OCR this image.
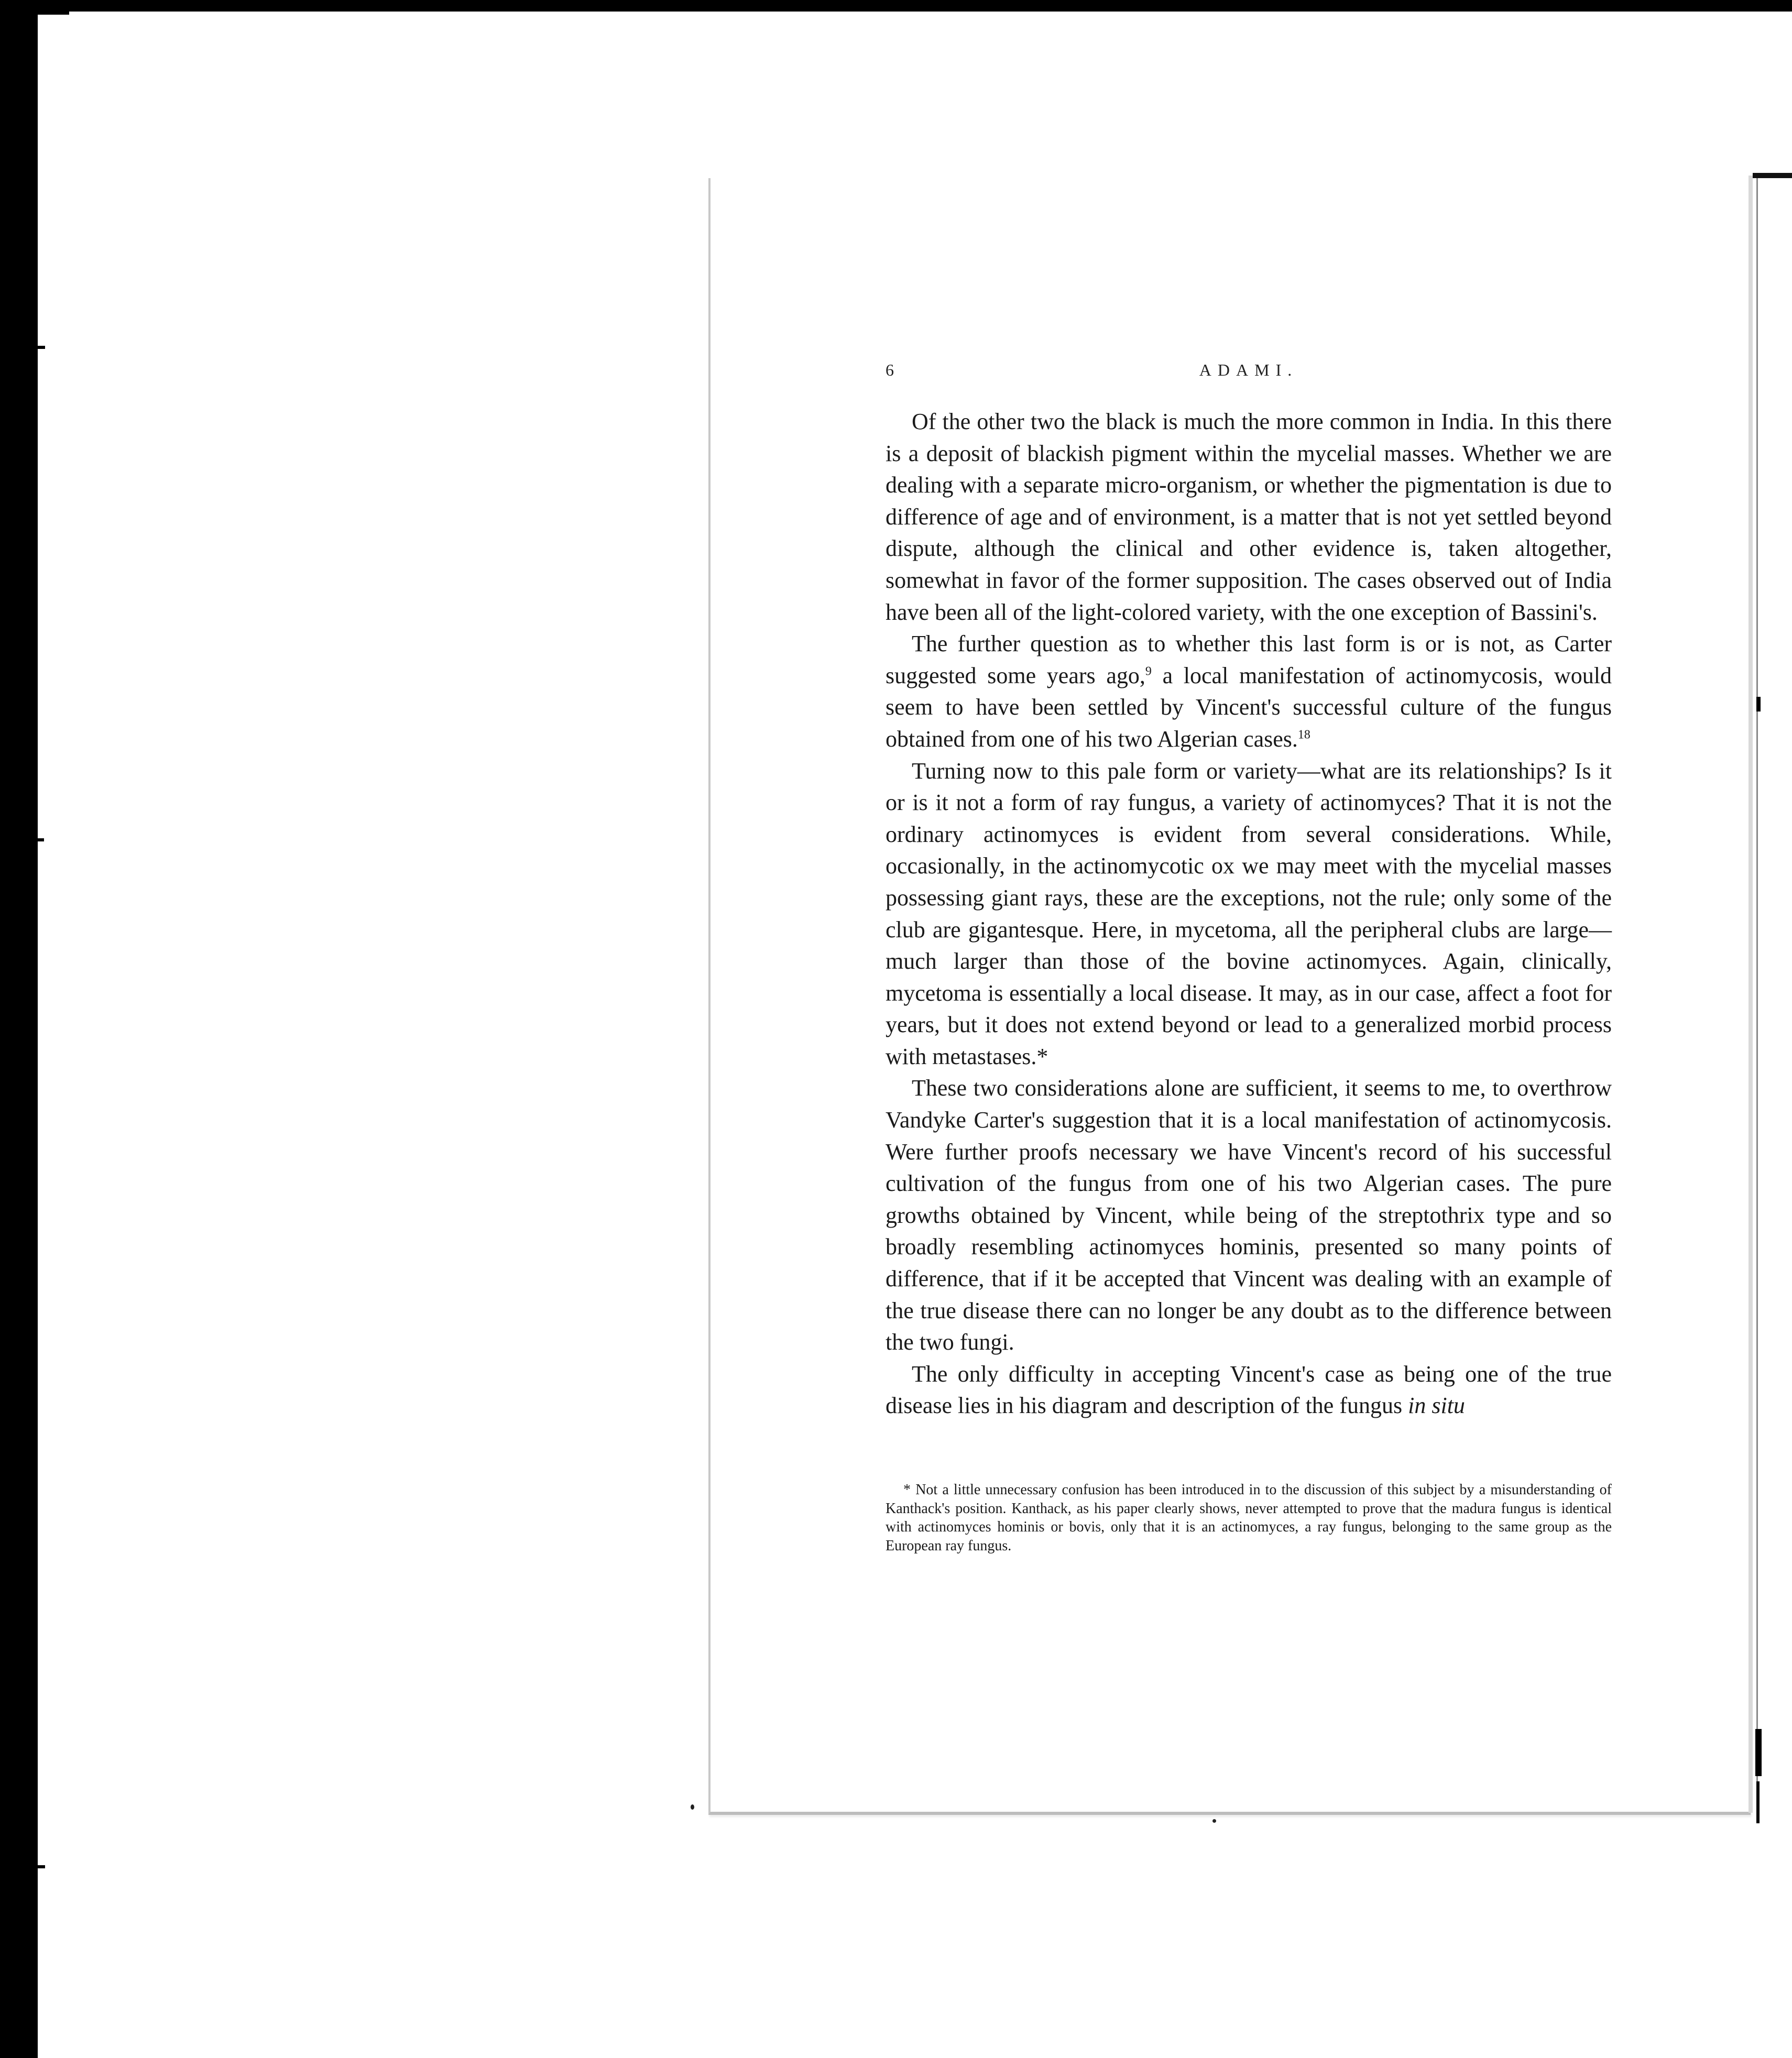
6	ADAMI.

Of the other two the black is much the more common in India. In this there is a deposit of blackish pigment within the mycelial masses. Whether we are dealing with a separate micro-organism, or whether the pigmentation is due to difference of age and of environment, is a matter that is not yet settled beyond dispute, although the clinical and other evidence is, taken altogether, somewhat in favor of the former supposition. The cases observed out of India have been all of the light-colored variety, with the one exception of Bassini's.

The further question as to whether this last form is or is not, as Carter suggested some years ago,$^9$ a local manifestation of actinomycosis, would seem to have been settled by Vincent's successful culture of the fungus obtained from one of his two Algerian cases.$^{18}$

Turning now to this pale form or variety—what are its relationships? Is it or is it not a form of ray fungus, a variety of actinomyces? That it is not the ordinary actinomyces is evident from several considerations. While, occasionally, in the actinomycotic ox we may meet with the mycelial masses possessing giant rays, these are the exceptions, not the rule; only some of the club are gigantesque. Here, in mycetoma, all the peripheral clubs are large—much larger than those of the bovine actinomyces. Again, clinically, mycetoma is essentially a local disease. It may, as in our case, affect a foot for years, but it does not extend beyond or lead to a generalized morbid process with metastases.*

These two considerations alone are sufficient, it seems to me, to overthrow Vandyke Carter's suggestion that it is a local manifestation of actinomycosis. Were further proofs necessary we have Vincent's record of his successful cultivation of the fungus from one of his two Algerian cases. The pure growths obtained by Vincent, while being of the streptothrix type and so broadly resembling actinomyces hominis, presented so many points of difference, that if it be accepted that Vincent was dealing with an example of the true disease there can no longer be any doubt as to the difference between the two fungi.

The only difficulty in accepting Vincent's case as being one of the true disease lies in his diagram and description of the fungus in situ

* Not a little unnecessary confusion has been introduced in to the discussion of this subject by a misunderstanding of Kanthack's position. Kanthack, as his paper clearly shows, never attempted to prove that the madura fungus is identical with actinomyces hominis or bovis, only that it is an actinomyces, a ray fungus, belonging to the same group as the European ray fungus.
